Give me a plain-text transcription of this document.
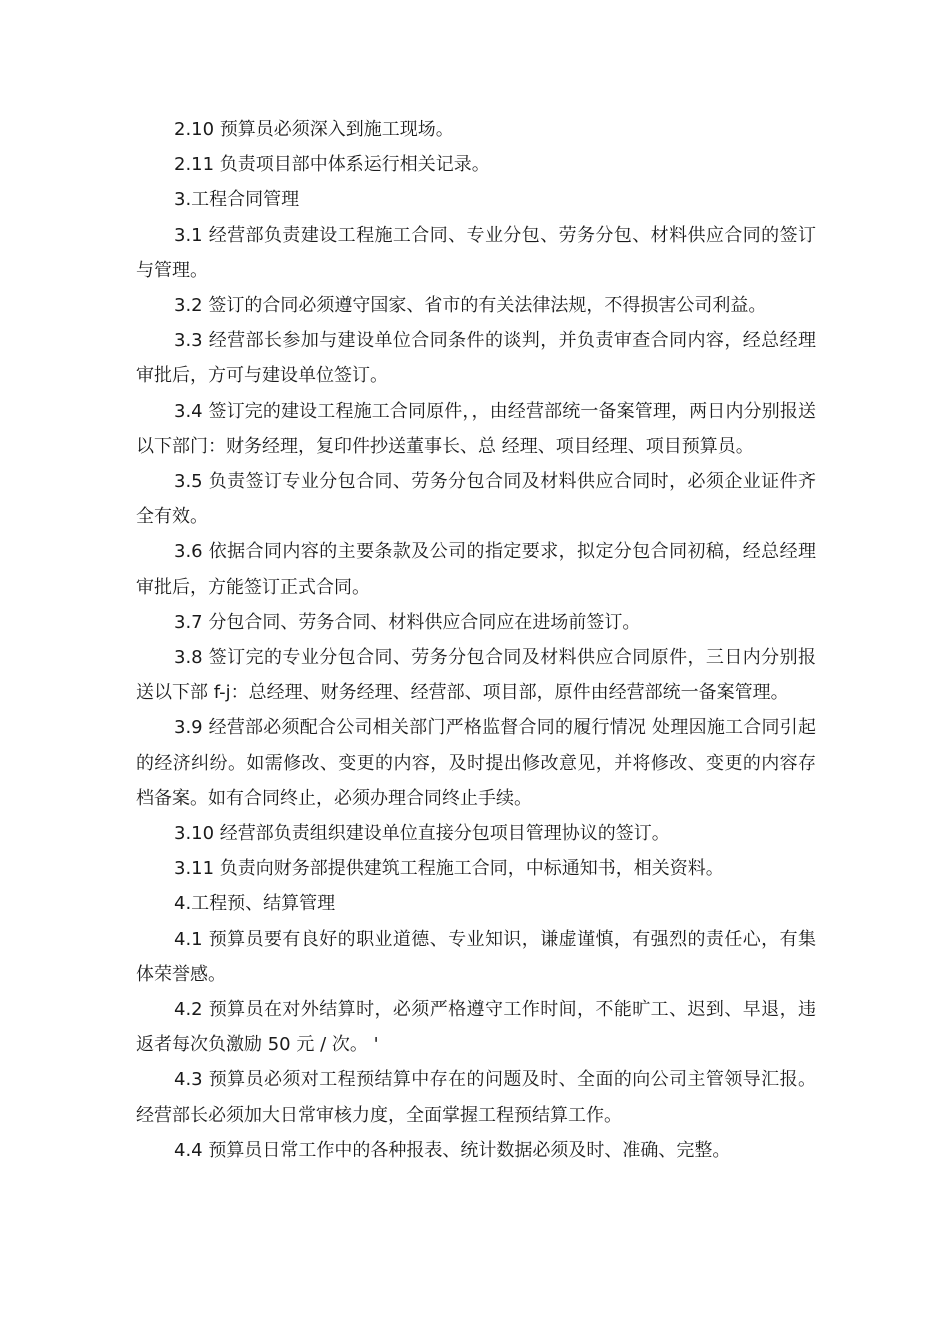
2.10 预算员必须深入到施工现场。

2.11 负责项目部中体系运行相关记录。

3.工程合同管理

3.1 经营部负责建设工程施工合同、专业分包、劳务分包、材料供应合同的签订与管理。

3.2 签订的合同必须遵守国家、省市的有关法律法规，不得损害公司利益。

3.3 经营部长参加与建设单位合同条件的谈判，并负责审查合同内容，经总经理审批后，方可与建设单位签订。

3.4 签订完的建设工程施工合同原件，，由经营部统一备案管理，两日内分别报送以下部门：财务经理，复印件抄送董事长、总 经理、项目经理、项目预算员。

3.5 负责签订专业分包合同、劳务分包合同及材料供应合同时，必须企业证件齐全有效。

3.6 依据合同内容的主要条款及公司的指定要求，拟定分包合同初稿，经总经理审批后，方能签订正式合同。

3.7 分包合同、劳务合同、材料供应合同应在进场前签订。

3.8 签订完的专业分包合同、劳务分包合同及材料供应合同原件，三日内分别报送以下部 f-j：总经理、财务经理、经营部、项目部，原件由经营部统一备案管理。

3.9 经营部必须配合公司相关部门严格监督合同的履行情况 处理因施工合同引起的经济纠纷。如需修改、变更的内容，及时提出修改意见，并将修改、变更的内容存档备案。如有合同终止，必须办理合同终止手续。

3.10 经营部负责组织建设单位直接分包项目管理协议的签订。

3.11 负责向财务部提供建筑工程施工合同，中标通知书，相关资料。

4.工程预、结算管理

4.1 预算员要有良好的职业道德、专业知识，谦虚谨慎，有强烈的责任心，有集体荣誉感。

4.2 预算员在对外结算时，必须严格遵守工作时间，不能旷工、迟到、早退，违返者每次负激励 50 元 / 次。 '

4.3 预算员必须对工程预结算中存在的问题及时、全面的向公司主管领导汇报。经营部长必须加大日常审核力度，全面掌握工程预结算工作。

4.4 预算员日常工作中的各种报表、统计数据必须及时、准确、完整。
